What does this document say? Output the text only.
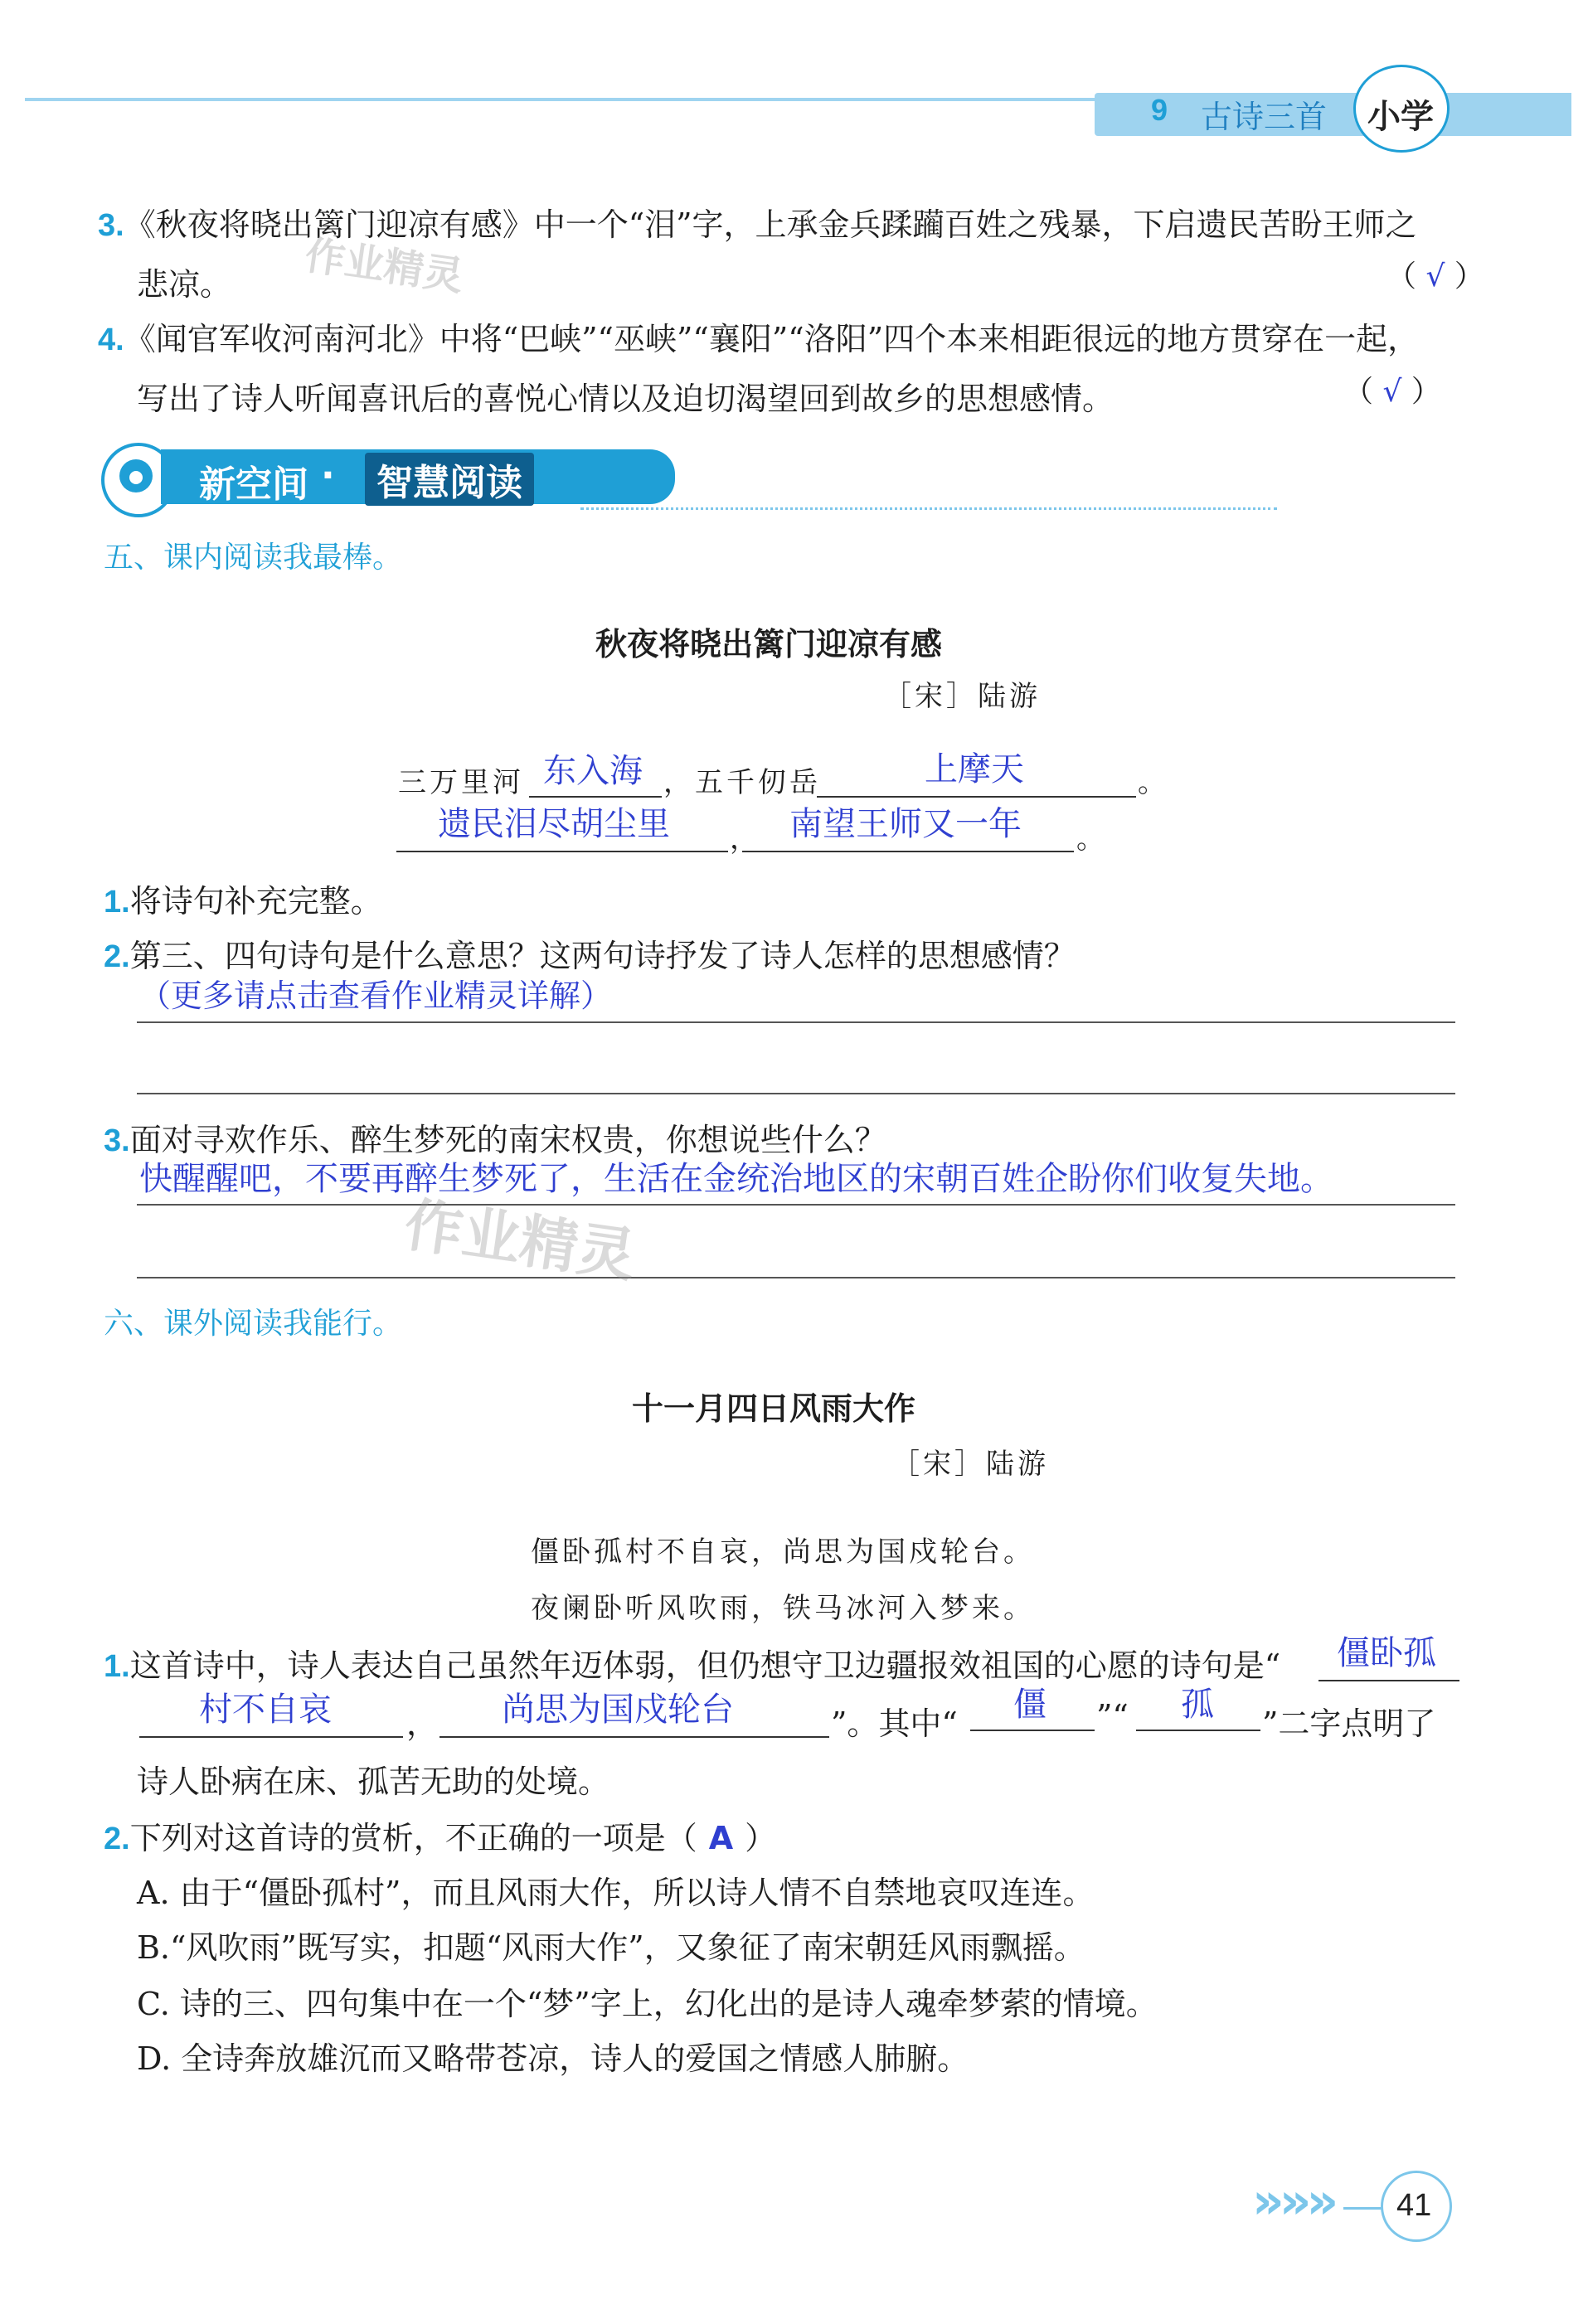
9 古诗三首 小学
3.《秋夜将晓出篱门迎凉有感》中一个“泪”字，上承金兵蹂躏百姓之残暴，下启遗民苦盼王师之
悲凉。	（ √ ）
4.《闻官军收河南河北》中将“巴峡”“巫峡”“襄阳”“洛阳”四个本来相距很远的地方贯穿在一起，
写出了诗人听闻喜讯后的喜悦心情以及迫切渴望回到故乡的思想感情。	（ √ ）
新空间 ·	智慧阅读
五、课内阅读我最棒。
秋夜将晓出篱门迎凉有感
［宋］陆游
三万里河 东入海 ，五千仞岳	上摩天	。
遗民泪尽胡尘里 ， 南望王师又一年 。
1.将诗句补充完整。
2.第三、四句诗句是什么意思？这两句诗抒发了诗人怎样的思想感情？
（更多请点击查看作业精灵详解）
3.面对寻欢作乐、醉生梦死的南宋权贵，你想说些什么？
快醒醒吧，不要再醉生梦死了，生活在金统治地区的宋朝百姓企盼你们收复失地。
六、课外阅读我能行。
十一月四日风雨大作
［宋］陆游
僵卧孤村不自哀，尚思为国戍轮台。
夜阑卧听风吹雨，铁马冰河入梦来。
1.这首诗中，诗人表达自己虽然年迈体弱，但仍想守卫边疆报效祖国的心愿的诗句是“ 僵卧孤
村不自哀 ， 尚思为国戍轮台	”。其中“ 僵 ”“ 孤 ”二字点明了
诗人卧病在床、孤苦无助的处境。
2.下列对这首诗的赏析，不正确的一项是（ A ）
A. 由于“僵卧孤村”，而且风雨大作，所以诗人情不自禁地哀叹连连。
B.“风吹雨”既写实，扣题“风雨大作”，又象征了南宋朝廷风雨飘摇。
C. 诗的三、四句集中在一个“梦”字上，幻化出的是诗人魂牵梦萦的情境。
D. 全诗奔放雄沉而又略带苍凉，诗人的爱国之情感人肺腑。
作业精灵
作业精灵
»»» 41
